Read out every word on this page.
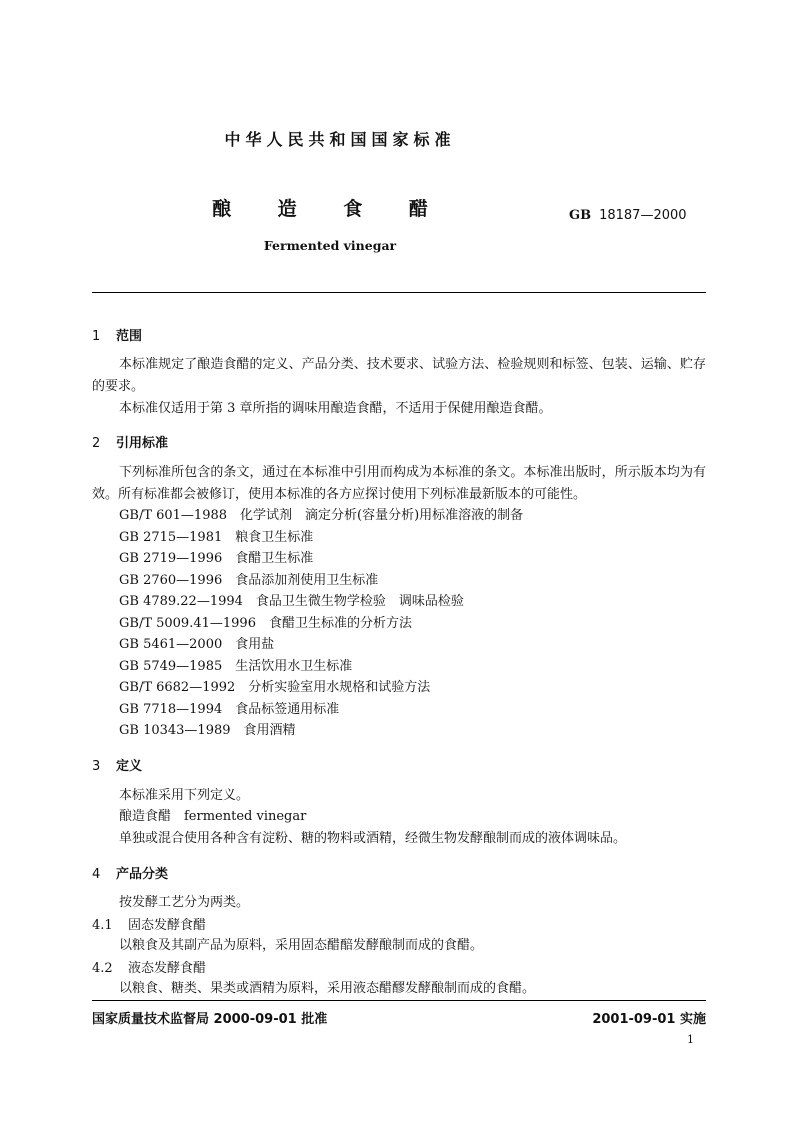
中华人民共和国国家标准
酿 造 食 醋	GB 18187—2000
Fermented vinegar
1 范围
本标准规定了酿造食醋的定义、产品分类、技术要求、试验方法、检验规则和标签、包装、运输、贮存的要求。
本标准仅适用于第 3 章所指的调味用酿造食醋，不适用于保健用酿造食醋。
2 引用标准
下列标准所包含的条文，通过在本标准中引用而构成为本标准的条文。本标准出版时，所示版本均为有效。所有标准都会被修订，使用本标准的各方应探讨使用下列标准最新版本的可能性。
GB/T 601—1988　化学试剂　滴定分析(容量分析)用标准溶液的制备
GB 2715—1981　粮食卫生标准
GB 2719—1996　食醋卫生标准
GB 2760—1996　食品添加剂使用卫生标准
GB 4789.22—1994　食品卫生微生物学检验　调味品检验
GB/T 5009.41—1996　食醋卫生标准的分析方法
GB 5461—2000　食用盐
GB 5749—1985　生活饮用水卫生标准
GB/T 6682—1992　分析实验室用水规格和试验方法
GB 7718—1994　食品标签通用标准
GB 10343—1989　食用酒精
3 定义
本标准采用下列定义。
酿造食醋　fermented vinegar
单独或混合使用各种含有淀粉、糖的物料或酒精，经微生物发酵酿制而成的液体调味品。
4 产品分类
按发酵工艺分为两类。
4.1 固态发酵食醋
以粮食及其副产品为原料，采用固态醋醅发酵酿制而成的食醋。
4.2 液态发酵食醋
以粮食、糖类、果类或酒精为原料，采用液态醋醪发酵酿制而成的食醋。
国家质量技术监督局 2000-09-01 批准	2001-09-01 实施
1
